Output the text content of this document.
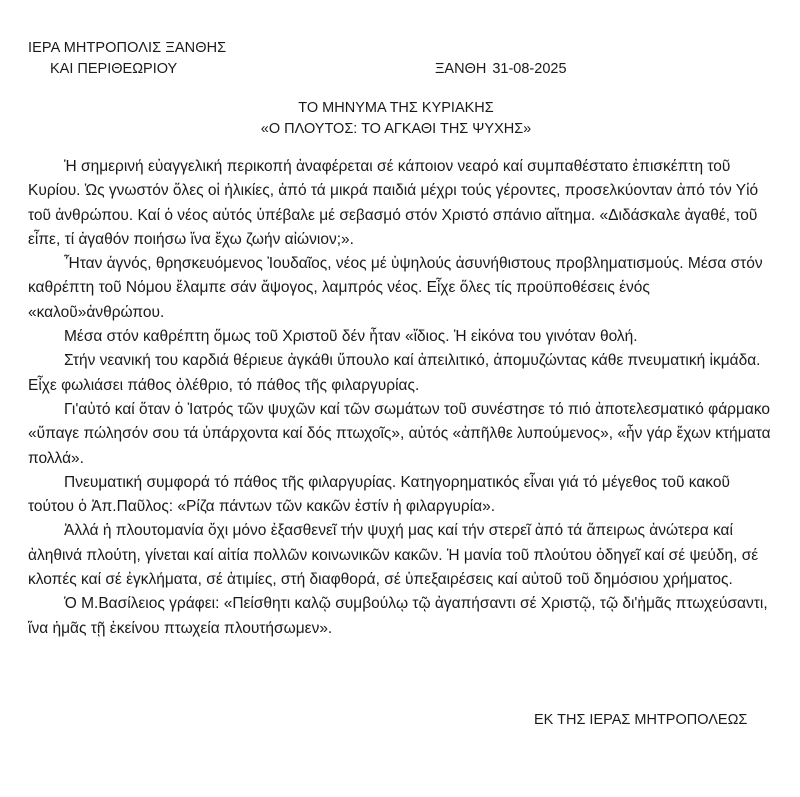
ΙΕΡΑ ΜΗΤΡΟΠΟΛΙΣ ΞΑΝΘΗΣ
ΚΑΙ ΠΕΡΙΘΕΩΡΙΟΥ	ΞΑΝΘΗ 31-08-2025
ΤΟ ΜΗΝΥΜΑ ΤΗΣ ΚΥΡΙΑΚΗΣ
«Ο ΠΛΟΥΤΟΣ: ΤΟ ΑΓΚΑΘΙ ΤΗΣ ΨΥΧΗΣ»

Ἡ σημερινή εὐαγγελική περικοπή ἀναφέρεται σέ κάποιον νεαρό καί συμπαθέστατο ἐπισκέπτη τοῦ Κυρίου. Ὡς γνωστόν ὅλες οἱ ἡλικίες, ἀπό τά μικρά παιδιά μέχρι τούς γέροντες, προσελκύονταν ἀπό τόν Υἱό τοῦ ἀνθρώπου. Καί ὁ νέος αὐτός ὑπέβαλε μέ σεβασμό στόν Χριστό σπάνιο αἴτημα. «Διδάσκαλε ἀγαθέ, τοῦ εἶπε, τί ἀγαθόν ποιήσω ἵνα ἔχω ζωήν αἰώνιον;».

Ἦταν ἁγνός, θρησκευόμενος Ἰουδαῖος, νέος μέ ὑψηλούς ἀσυνήθιστους προβληματισμούς. Μέσα στόν καθρέπτη τοῦ Νόμου ἔλαμπε σάν ἄψογος, λαμπρός νέος. Εἶχε ὅλες τίς προϋποθέσεις ἑνός «καλοῦ»ἀνθρώπου.

Μέσα στόν καθρέπτη ὅμως τοῦ Χριστοῦ δέν ἦταν «ἴδιος. Ἡ εἰκόνα του γινόταν θολή.

Στήν νεανική του καρδιά θέριευε ἀγκάθι ὕπουλο καί ἀπειλιτικό, ἀπομυζώντας κάθε πνευματική ἰκμάδα. Εἶχε φωλιάσει πάθος ὀλέθριο, τό πάθος τῆς φιλαργυρίας.

Γι'αὐτό καί ὅταν ὁ Ἰατρός τῶν ψυχῶν καί τῶν σωμάτων τοῦ συνέστησε τό πιό ἀποτελεσματικό φάρμακο «ὕπαγε πώλησόν σου τά ὑπάρχοντα καί δός πτωχοῖς», αὐτός «ἀπῆλθε λυπούμενος», «ἦν γάρ ἔχων κτήματα πολλά».

Πνευματική συμφορά τό πάθος τῆς φιλαργυρίας. Κατηγορηματικός εἶναι γιά τό μέγεθος τοῦ κακοῦ τούτου ὁ Ἀπ.Παῦλος: «Ρίζα πάντων τῶν κακῶν ἐστίν ἡ φιλαργυρία».

Ἀλλά ἡ πλουτομανία ὄχι μόνο ἐξασθενεῖ τήν ψυχή μας καί τήν στερεῖ ἀπό τά ἄπειρως ἀνώτερα καί ἀληθινά πλούτη, γίνεται καί αἰτία πολλῶν κοινωνικῶν κακῶν. Ἡ μανία τοῦ πλούτου ὁδηγεῖ καί σέ ψεύδη, σέ κλοπές καί σέ ἐγκλήματα, σέ ἀτιμίες, στή διαφθορά, σέ ὑπεξαιρέσεις καί αὐτοῦ τοῦ δημόσιου χρήματος.

Ὁ Μ.Βασίλειος γράφει: «Πείσθητι καλῷ συμβούλῳ τῷ ἀγαπήσαντι σέ Χριστῷ, τῷ δι'ἡμᾶς πτωχεύσαντι, ἵνα ἡμᾶς τῇ ἐκείνου πτωχεία πλουτήσωμεν».

ΕΚ ΤΗΣ ΙΕΡΑΣ ΜΗΤΡΟΠΟΛΕΩΣ
